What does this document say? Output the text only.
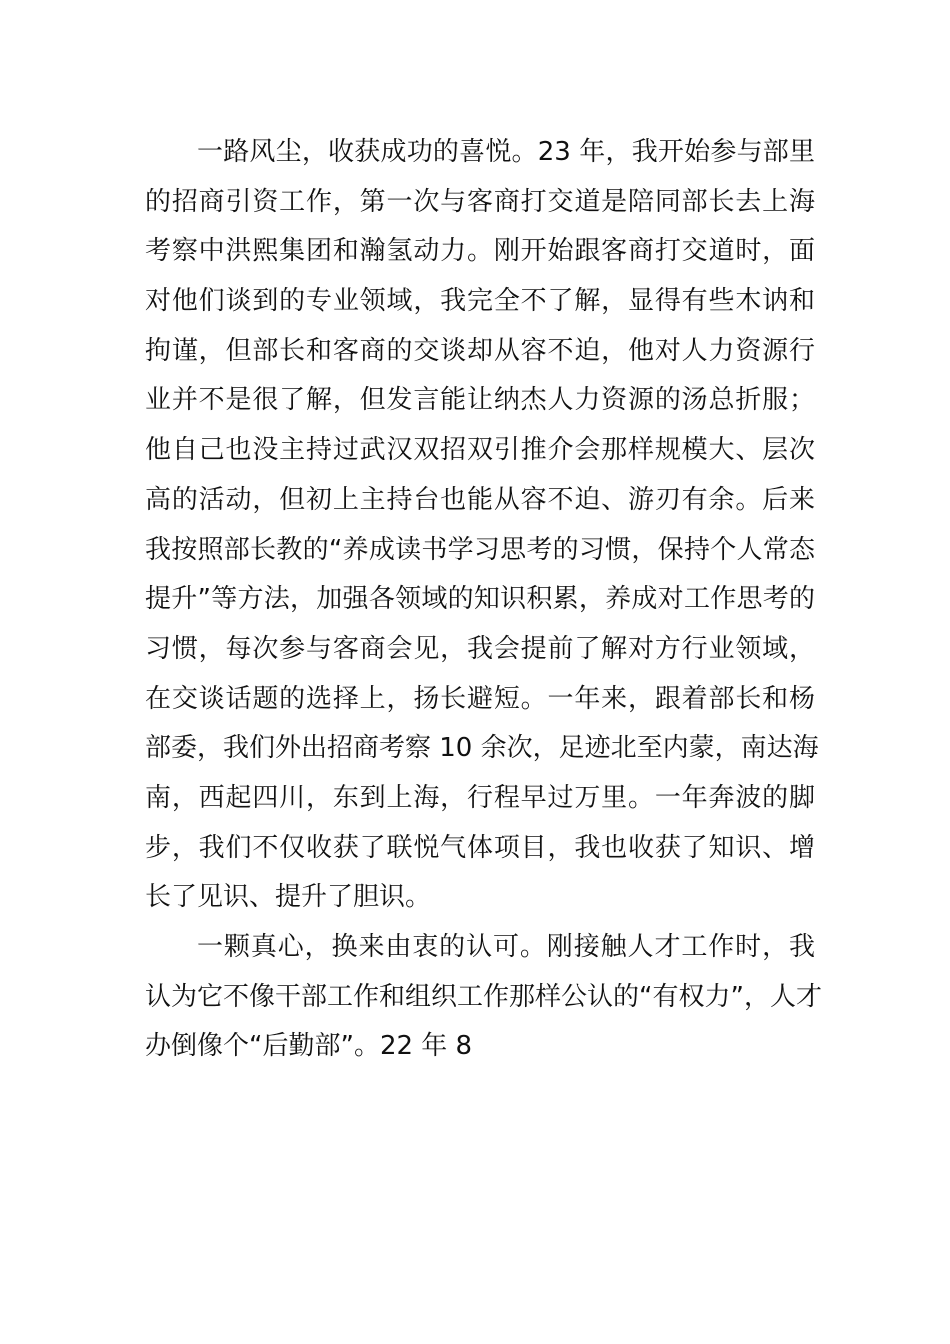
一路风尘，收获成功的喜悦。23 年，我开始参与部里
的招商引资工作，第一次与客商打交道是陪同部长去上海
考察中洪熙集团和瀚氢动力。刚开始跟客商打交道时，面
对他们谈到的专业领域，我完全不了解，显得有些木讷和
拘谨，但部长和客商的交谈却从容不迫，他对人力资源行
业并不是很了解，但发言能让纳杰人力资源的汤总折服；
他自己也没主持过武汉双招双引推介会那样规模大、层次
高的活动，但初上主持台也能从容不迫、游刃有余。后来
我按照部长教的“养成读书学习思考的习惯，保持个人常态
提升”等方法，加强各领域的知识积累，养成对工作思考的
习惯，每次参与客商会见，我会提前了解对方行业领域，
在交谈话题的选择上，扬长避短。一年来，跟着部长和杨
部委，我们外出招商考察 10 余次，足迹北至内蒙，南达海
南，西起四川，东到上海，行程早过万里。一年奔波的脚
步，我们不仅收获了联悦气体项目，我也收获了知识、增
长了见识、提升了胆识。
一颗真心，换来由衷的认可。刚接触人才工作时，我
认为它不像干部工作和组织工作那样公认的“有权力”，人才
办倒像个“后勤部”。22 年 8
